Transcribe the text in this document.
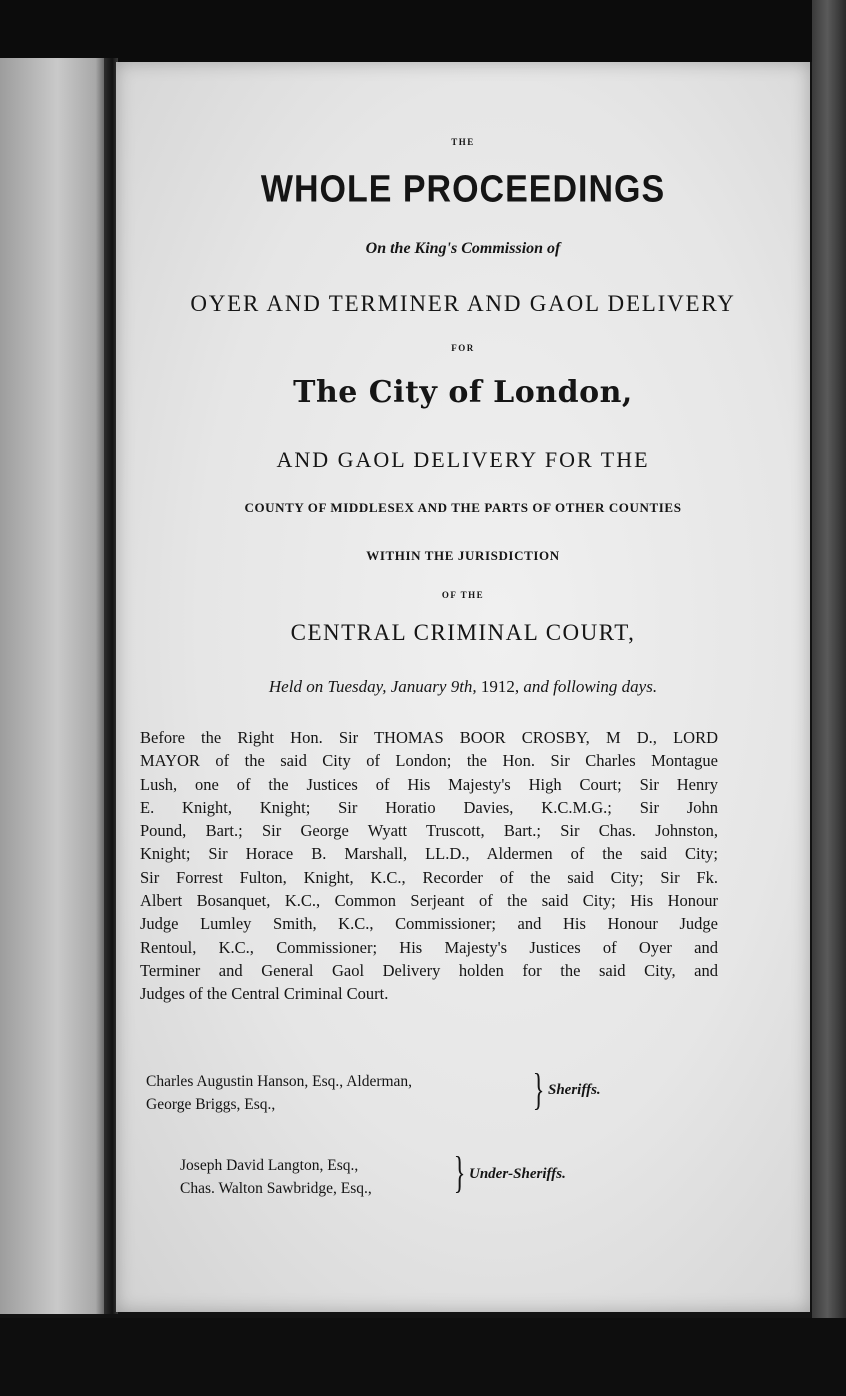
THE

WHOLE PROCEEDINGS

On the King's Commission of

OYER AND TERMINER AND GAOL DELIVERY

FOR

The City of London,

AND GAOL DELIVERY FOR THE

COUNTY OF MIDDLESEX AND THE PARTS OF OTHER COUNTIES

WITHIN THE JURISDICTION

OF THE

CENTRAL CRIMINAL COURT,

Held on Tuesday, January 9th, 1912, and following days.

Before the Right Hon. Sir THOMAS BOOR CROSBY, M D., LORD
MAYOR of the said City of London; the Hon. Sir Charles Montague
Lush, one of the Justices of His Majesty's High Court; Sir Henry
E. Knight, Knight; Sir Horatio Davies, K.C.M.G.; Sir John
Pound, Bart.; Sir George Wyatt Truscott, Bart.; Sir Chas. Johnston,
Knight; Sir Horace B. Marshall, LL.D., Aldermen of the said City;
Sir Forrest Fulton, Knight, K.C., Recorder of the said City; Sir Fk.
Albert Bosanquet, K.C., Common Serjeant of the said City; His Honour
Judge Lumley Smith, K.C., Commissioner; and His Honour Judge
Rentoul, K.C., Commissioner; His Majesty's Justices of Oyer and
Terminer and General Gaol Delivery holden for the said City, and
Judges of the Central Criminal Court.
Charles Augustin Hanson, Esq., Alderman,
George Briggs, Esq.,	} Sheriffs.
Joseph David Langton, Esq.,
Chas. Walton Sawbridge, Esq., } Under-Sheriffs.
